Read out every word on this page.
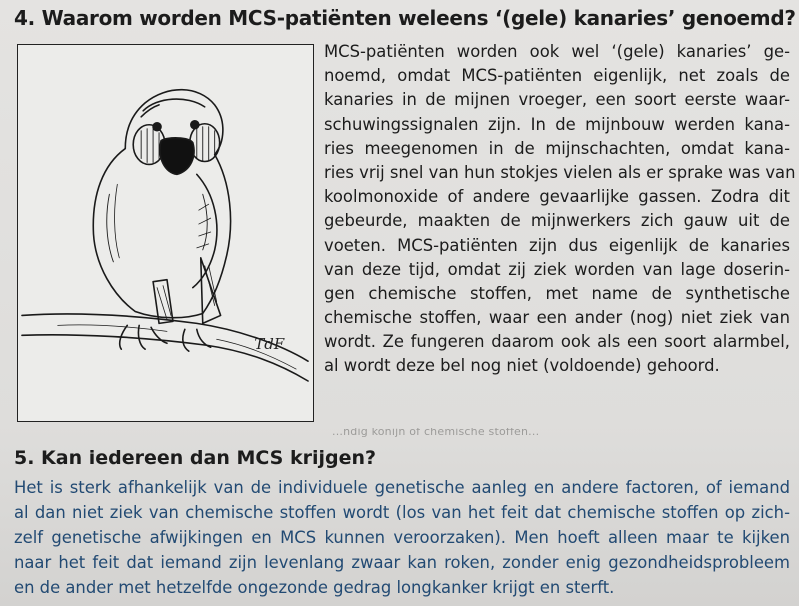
4. Waarom worden MCS-patiënten weleens ‘(gele) kanaries’ genoemd?
TdF
MCS-patiënten worden ook wel ‘(gele) kanaries’ ge-
noemd, omdat MCS-patiënten eigenlijk, net zoals de
kanaries in de mijnen vroeger, een soort eerste waar-
schuwingssignalen zijn. In de mijnbouw werden kana-
ries meegenomen in de mijnschachten, omdat kana-
ries vrij snel van hun stokjes vielen als er sprake was van
koolmonoxide of andere gevaarlijke gassen. Zodra dit
gebeurde, maakten de mijnwerkers zich gauw uit de
voeten. MCS-patiënten zijn dus eigenlijk de kanaries
van deze tijd, omdat zij ziek worden van lage doserin-
gen chemische stoffen, met name de synthetische
chemische stoffen, waar een ander (nog) niet ziek van
wordt. Ze fungeren daarom ook als een soort alarmbel,
al wordt deze bel nog niet (voldoende) gehoord.
...ndig konijn of chemische stoffen...
5. Kan iedereen dan MCS krijgen?
Het is sterk afhankelijk van de individuele genetische aanleg en andere factoren, of iemand
al dan niet ziek van chemische stoffen wordt (los van het feit dat chemische stoffen op zich-
zelf genetische afwijkingen en MCS kunnen veroorzaken). Men hoeft alleen maar te kijken
naar het feit dat iemand zijn levenlang zwaar kan roken, zonder enig gezondheidsprobleem
en de ander met hetzelfde ongezonde gedrag longkanker krijgt en sterft.
